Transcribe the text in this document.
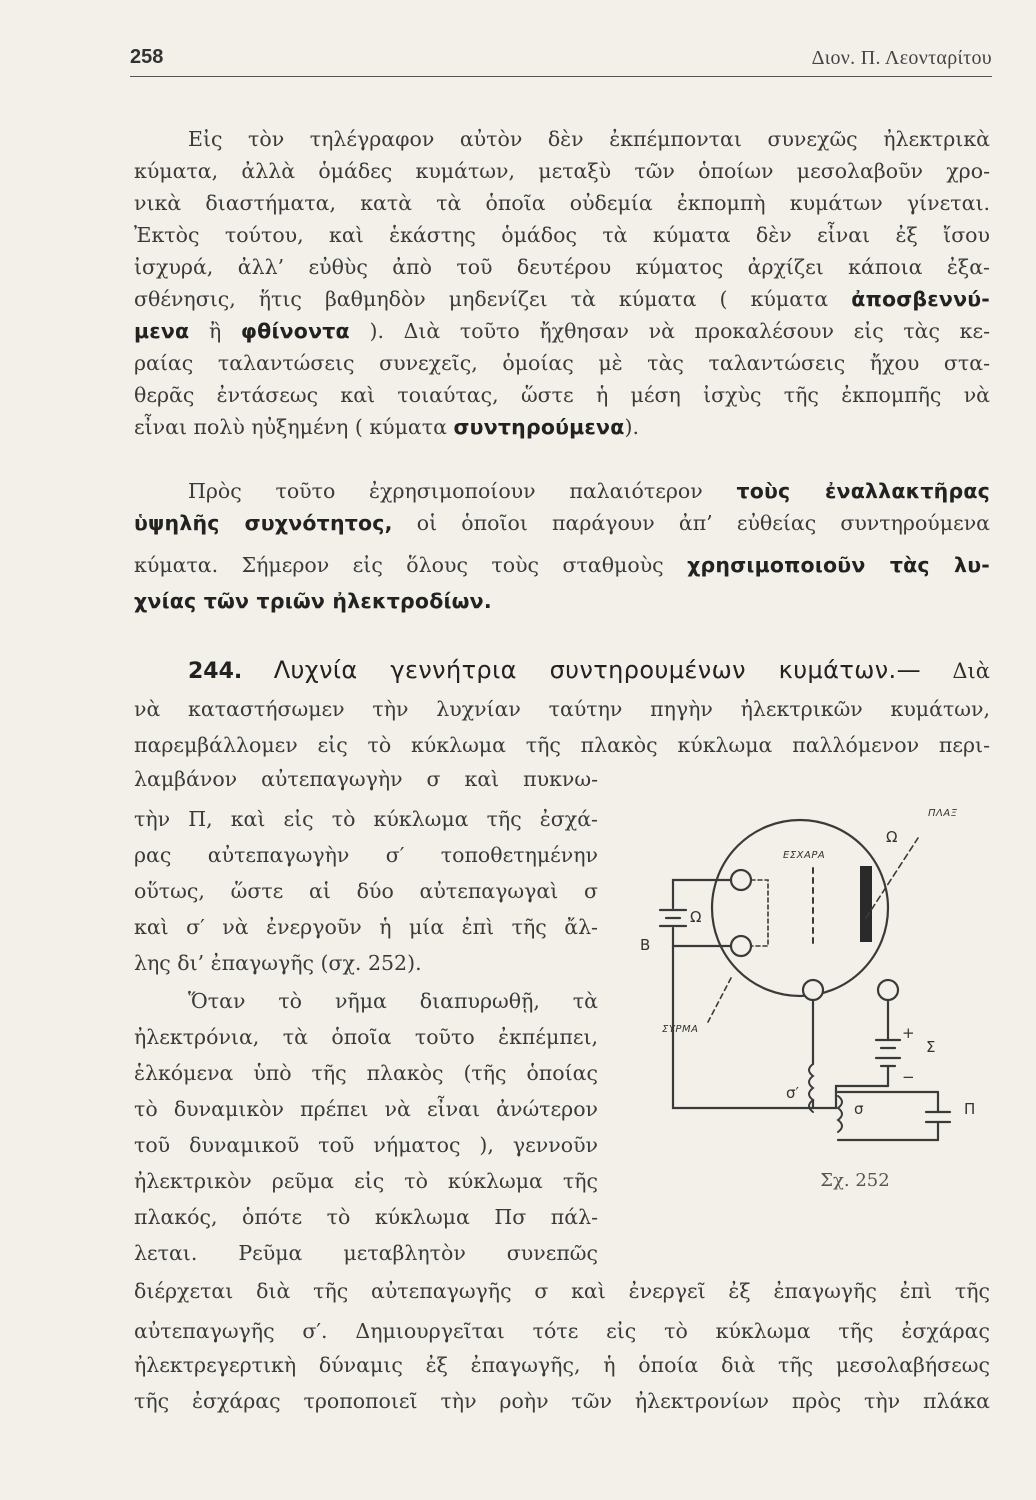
258	Διον. Π. Λεονταρίτου
Εἰς τὸν τηλέγραφον αὐτὸν δὲν ἐκπέμπονται συνεχῶς ἠλεκτρικὰ
κύματα, ἀλλὰ ὁμάδες κυμάτων, μεταξὺ τῶν ὁποίων μεσολαβοῦν χρο-
νικὰ διαστήματα, κατὰ τὰ ὁποῖα οὐδεμία ἐκπομπὴ κυμάτων γίνεται.
Ἐκτὸς τούτου, καὶ ἑκάστης ὁμάδος τὰ κύματα δὲν εἶναι ἐξ ἴσου
ἰσχυρά, ἀλλ’ εὐθὺς ἀπὸ τοῦ δευτέρου κύματος ἀρχίζει κάποια ἐξα-
σθένησις, ἥτις βαθμηδὸν μηδενίζει τὰ κύματα ( κύματα ἀποσβεννύ-
μενα ἢ φθίνοντα ). Διὰ τοῦτο ἤχθησαν νὰ προκαλέσουν εἰς τὰς κε-
ραίας ταλαντώσεις συνεχεῖς, ὁμοίας μὲ τὰς ταλαντώσεις ἤχου στα-
θερᾶς ἐντάσεως καὶ τοιαύτας, ὥστε ἡ μέση ἰσχὺς τῆς ἐκπομπῆς νὰ
εἶναι πολὺ ηὐξημένη ( κύματα συντηρούμενα).
Πρὸς τοῦτο ἐχρησιμοποίουν παλαιότερον τοὺς ἐναλλακτῆρας
ὑψηλῆς συχνότητος, οἱ ὁποῖοι παράγουν ἀπ’ εὐθείας συντηρούμενα
κύματα. Σήμερον εἰς ὅλους τοὺς σταθμοὺς χρησιμοποιοῦν τὰς λυ-
χνίας τῶν τριῶν ἠλεκτροδίων.
244. Λυχνία γεννήτρια συντηρουμένων κυμάτων.— Διὰ
νὰ καταστήσωμεν τὴν λυχνίαν ταύτην πηγὴν ἠλεκτρικῶν κυμάτων,
παρεμβάλλομεν εἰς τὸ κύκλωμα τῆς πλακὸς κύκλωμα παλλόμενον περι-
λαμβάνον αὐτεπαγωγὴν σ καὶ πυκνω-
τὴν Π, καὶ εἰς τὸ κύκλωμα τῆς ἐσχά-
ρας αὐτεπαγωγὴν σ′ τοποθετημένην
οὕτως, ὥστε αἱ δύο αὐτεπαγωγαὶ σ
καὶ σ′ νὰ ἐνεργοῦν ἡ μία ἐπὶ τῆς ἄλ-
λης δι’ ἐπαγωγῆς (σχ. 252).
Ὅταν τὸ νῆμα διαπυρωθῇ, τὰ
ἠλεκτρόνια, τὰ ὁποῖα τοῦτο ἐκπέμπει,
ἑλκόμενα ὑπὸ τῆς πλακὸς (τῆς ὁποίας
τὸ δυναμικὸν πρέπει νὰ εἶναι ἀνώτερον
τοῦ δυναμικοῦ τοῦ νήματος ), γεννοῦν
ἠλεκτρικὸν ρεῦμα εἰς τὸ κύκλωμα τῆς
πλακός, ὁπότε τὸ κύκλωμα Πσ πάλ-
λεται. Ρεῦμα μεταβλητὸν συνεπῶς
διέρχεται διὰ τῆς αὐτεπαγωγῆς σ καὶ ἐνεργεῖ ἐξ ἐπαγωγῆς ἐπὶ τῆς
αὐτεπαγωγῆς σ′. Δημιουργεῖται τότε εἰς τὸ κύκλωμα τῆς ἐσχάρας
ἠλεκτρεγερτικὴ δύναμις ἐξ ἐπαγωγῆς, ἡ ὁποία διὰ τῆς μεσολαβήσεως
τῆς ἐσχάρας τροποποιεῖ τὴν ροὴν τῶν ἠλεκτρονίων πρὸς τὴν πλάκα
ΠΛΑΞ
ΕΣΧΑΡΑ
ΣΥΡΜΑ
Ω
Ω
B
+
−
Σ
Π
σ
σ′
Σχ. 252
